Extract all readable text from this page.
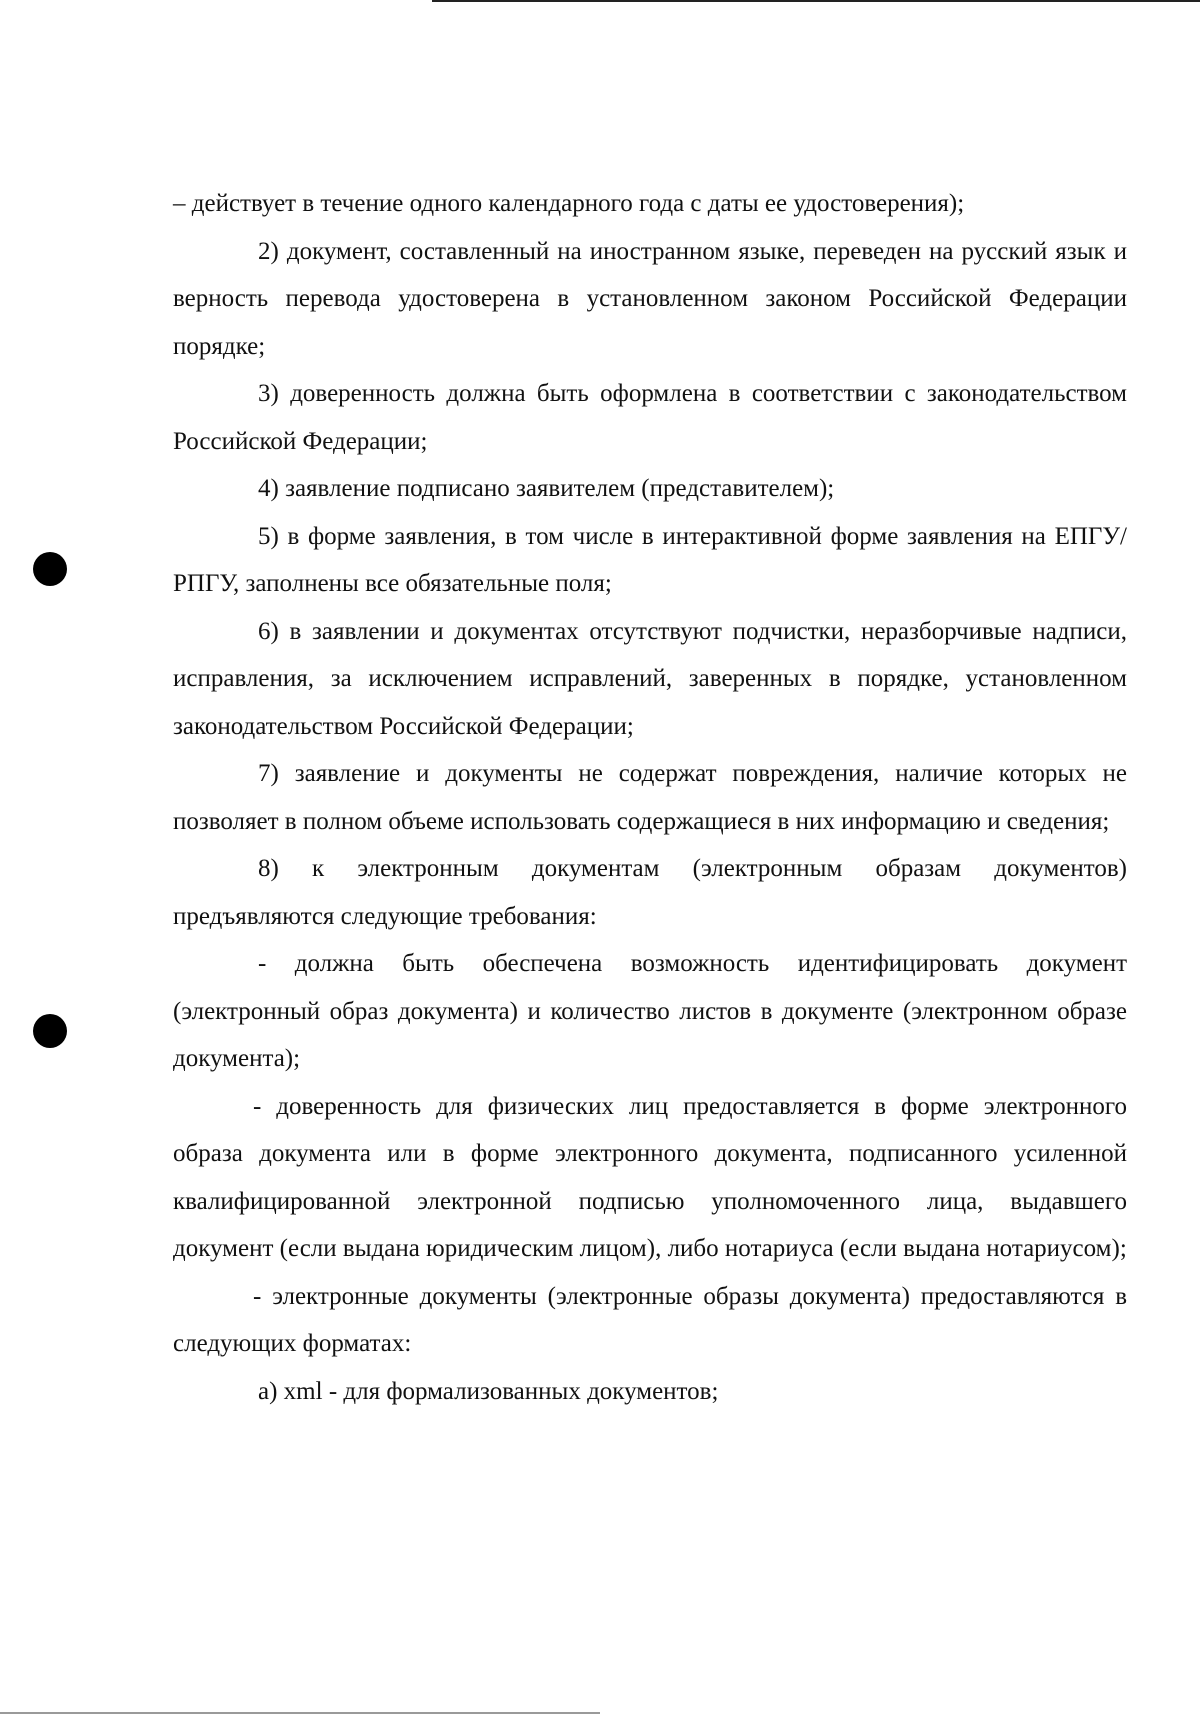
– действует в течение одного календарного года с даты ее удостоверения);

2) документ, составленный на иностранном языке, переведен на русский язык и верность перевода удостоверена в установленном законом Российской Федерации порядке;

3) доверенность должна быть оформлена в соответствии с законодательством Российской Федерации;

4) заявление подписано заявителем (представителем);

5) в форме заявления, в том числе в интерактивной форме заявления на ЕПГУ/РПГУ, заполнены все обязательные поля;

6) в заявлении и документах отсутствуют подчистки, неразборчивые надписи, исправления, за исключением исправлений, заверенных в порядке, установленном законодательством Российской Федерации;

7) заявление и документы не содержат повреждения, наличие которых не позволяет в полном объеме использовать содержащиеся в них информацию и сведения;

8) к электронным документам (электронным образам документов) предъявляются следующие требования:

- должна быть обеспечена возможность идентифицировать документ (электронный образ документа) и количество листов в документе (электронном образе документа);

- доверенность для физических лиц предоставляется в форме электронного образа документа или в форме электронного документа, подписанного усиленной квалифицированной электронной подписью уполномоченного лица, выдавшего документ (если выдана юридическим лицом), либо нотариуса (если выдана нотариусом);

- электронные документы (электронные образы документа) предоставляются в следующих форматах:

а) xml - для формализованных документов;
